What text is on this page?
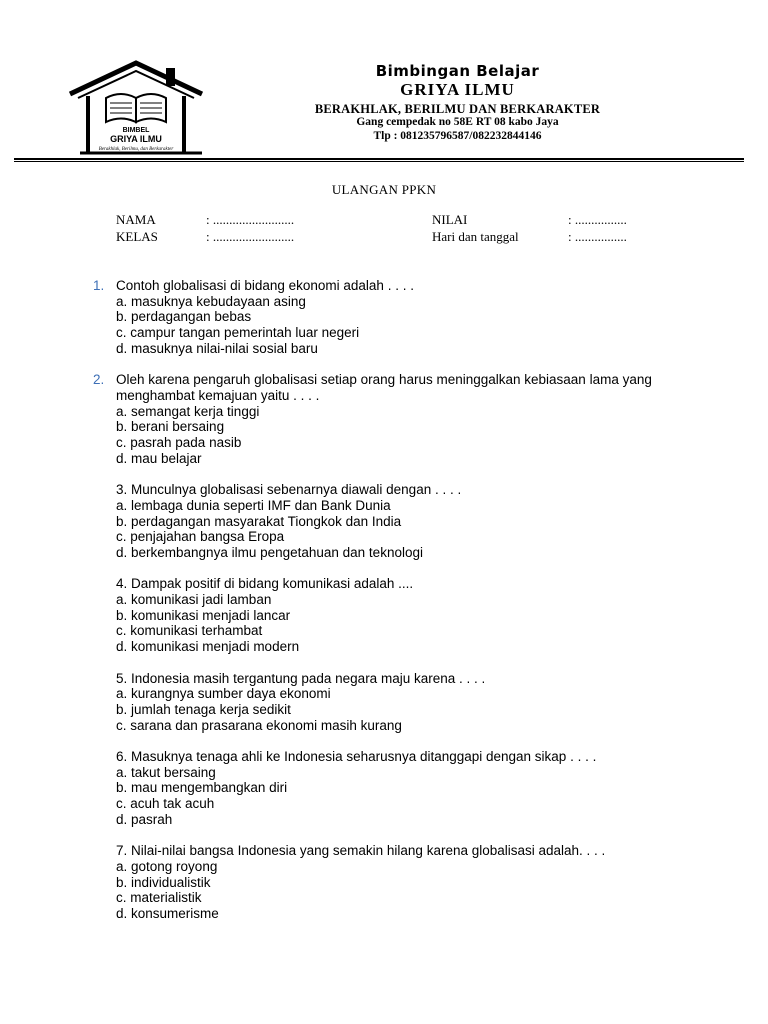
BIMBEL
GRIYA ILMU
Berakhlak, Berilmu, dan Berkarakter
Bimbingan Belajar
GRIYA ILMU
BERAKHLAK, BERILMU DAN BERKARAKTER
Gang cempedak no 58E RT 08 kabo Jaya
Tlp : 081235796587/082232844146
ULANGAN PPKN
NAMA	: .........................
KELAS	: .........................
NILAI	: ................
Hari dan tanggal	: ................
1. Contoh globalisasi di bidang ekonomi adalah . . . .
a. masuknya kebudayaan asing
b. perdagangan bebas
c. campur tangan pemerintah luar negeri
d. masuknya nilai-nilai sosial baru
2. Oleh karena pengaruh globalisasi setiap orang harus meninggalkan kebiasaan lama yang menghambat kemajuan yaitu . . . .
a. semangat kerja tinggi
b. berani bersaing
c. pasrah pada nasib
d. mau belajar
3. Munculnya globalisasi sebenarnya diawali dengan . . . .
a. lembaga dunia seperti IMF dan Bank Dunia
b. perdagangan masyarakat Tiongkok dan India
c. penjajahan bangsa Eropa
d. berkembangnya ilmu pengetahuan dan teknologi
4. Dampak positif di bidang komunikasi adalah ....
a. komunikasi jadi lamban
b. komunikasi menjadi lancar
c. komunikasi terhambat
d. komunikasi menjadi modern
5. Indonesia masih tergantung pada negara maju karena . . . .
a. kurangnya sumber daya ekonomi
b. jumlah tenaga kerja sedikit
c. sarana dan prasarana ekonomi masih kurang
6. Masuknya tenaga ahli ke Indonesia seharusnya ditanggapi dengan sikap . . . .
a. takut bersaing
b. mau mengembangkan diri
c. acuh tak acuh
d. pasrah
7. Nilai-nilai bangsa Indonesia yang semakin hilang karena globalisasi adalah. . . .
a. gotong royong
b. individualistik
c. materialistik
d. konsumerisme
